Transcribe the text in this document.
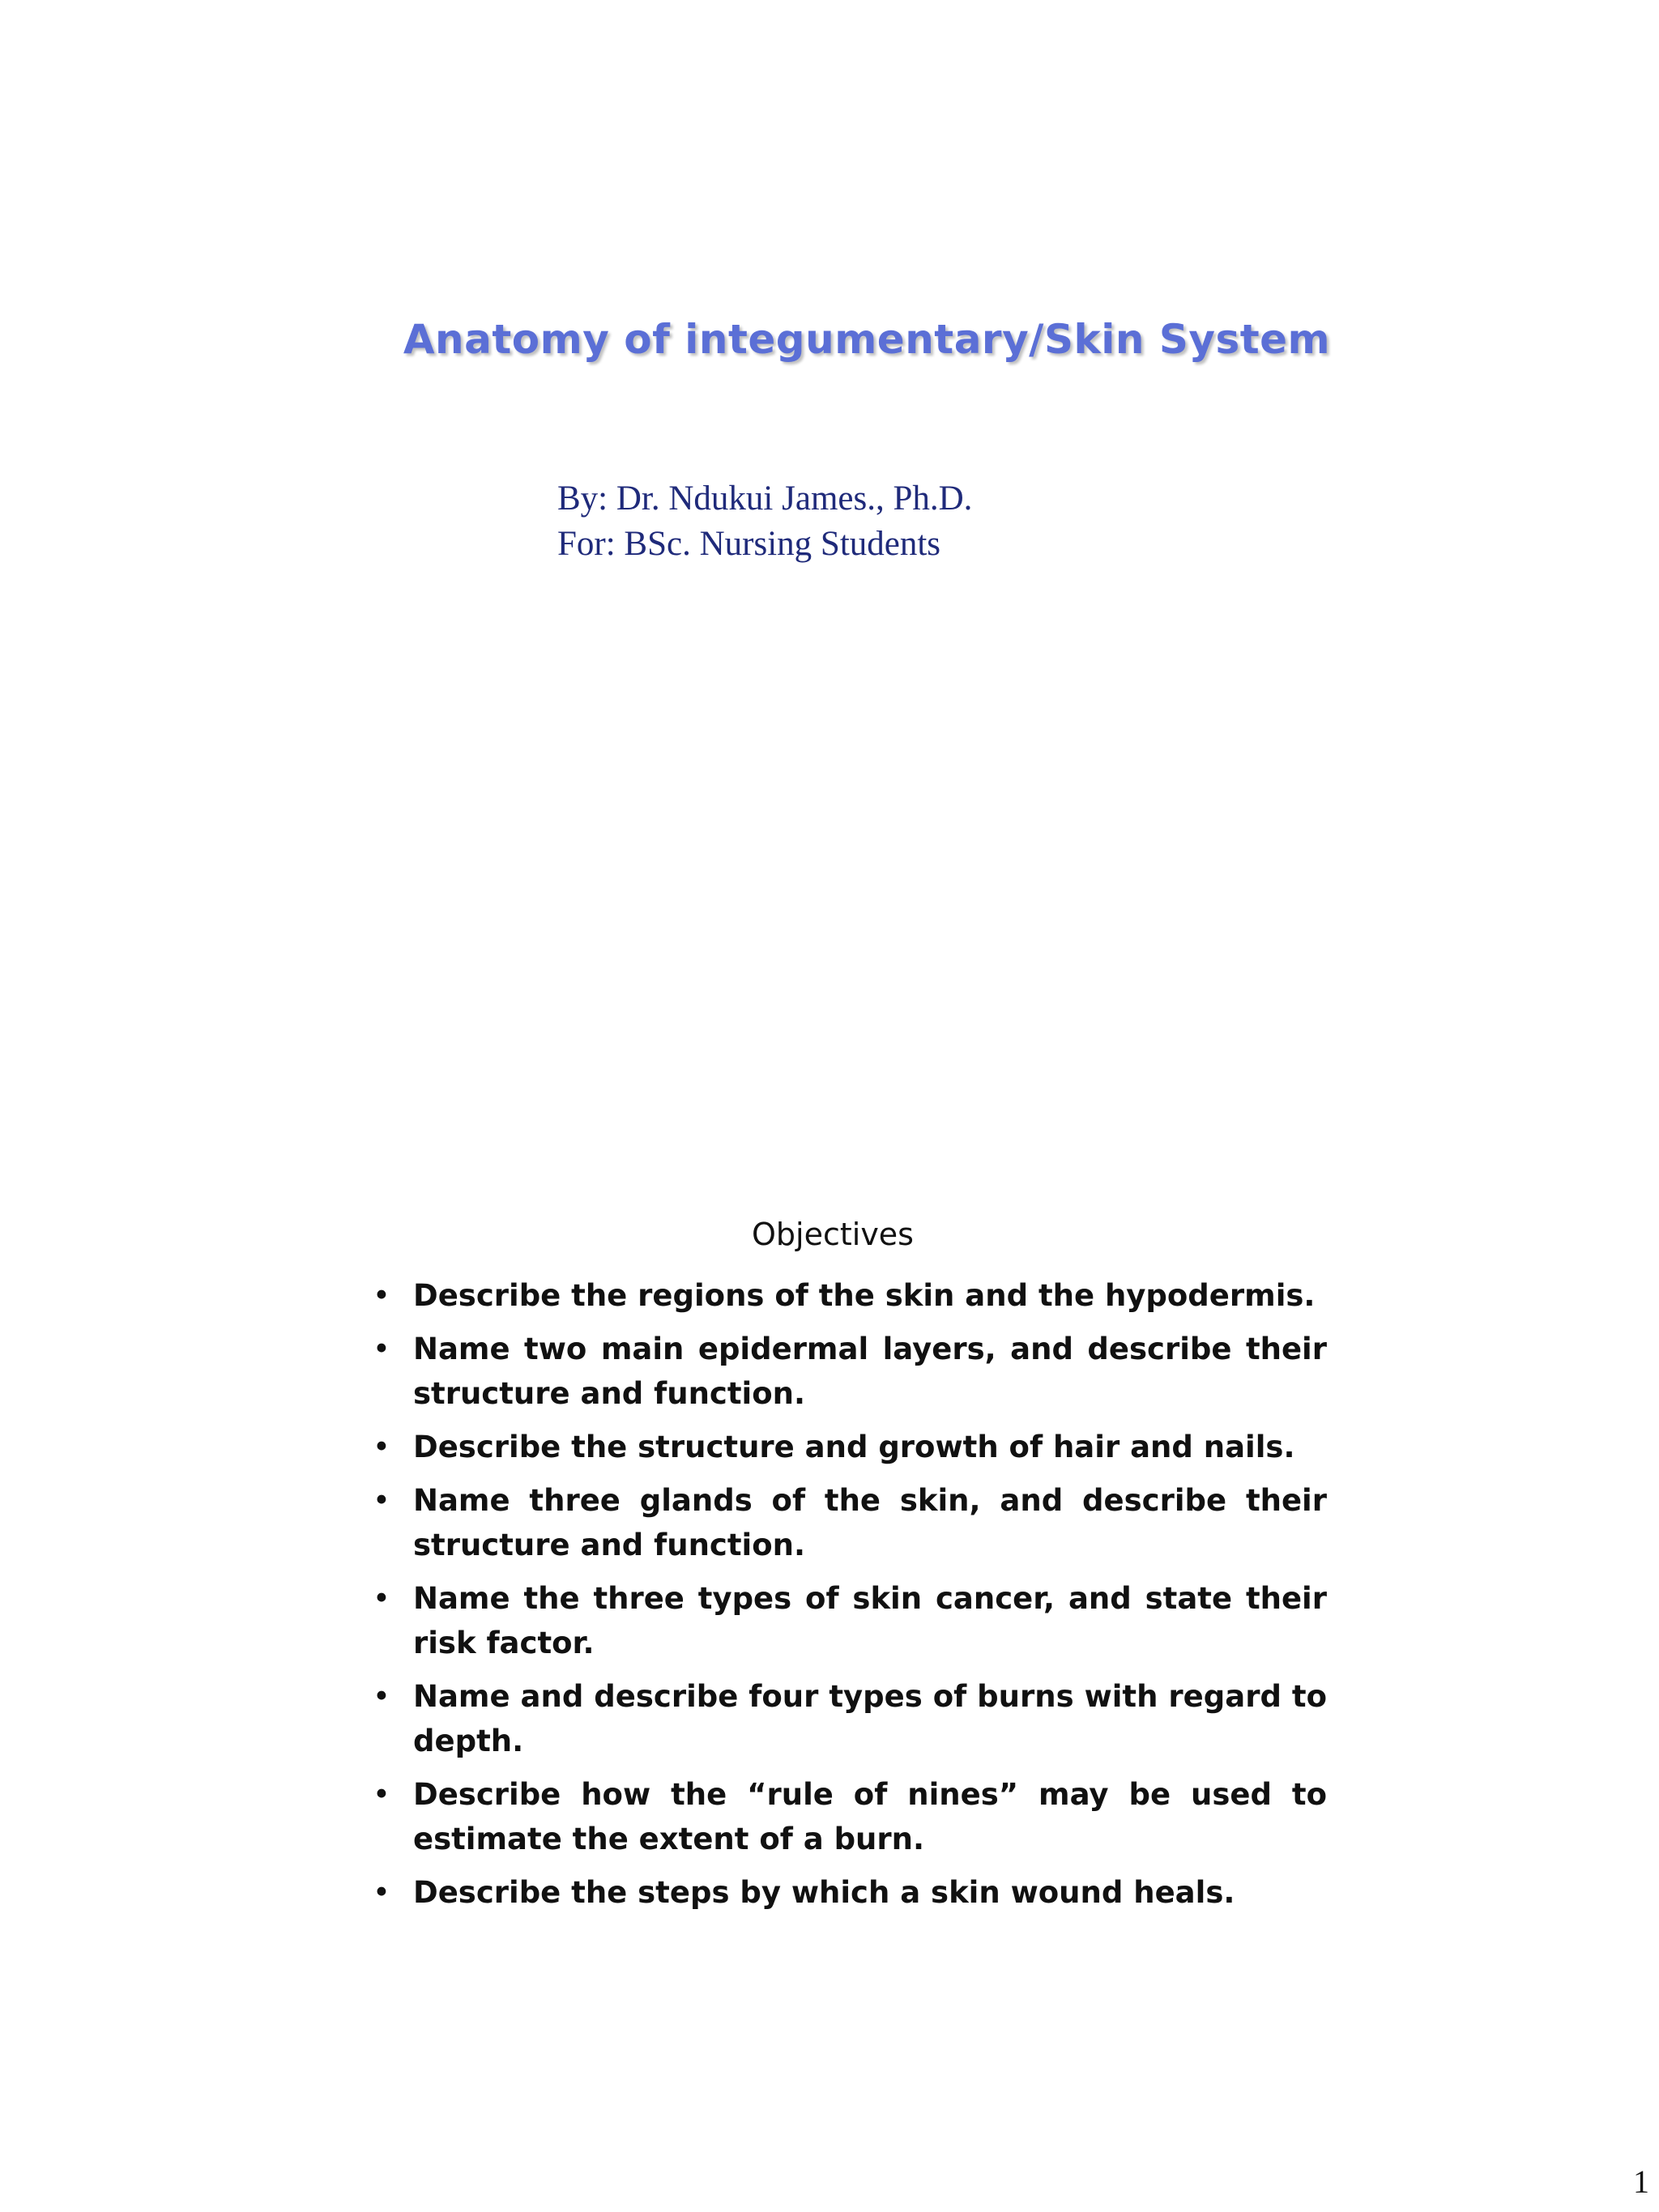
Anatomy of integumentary/Skin System
By: Dr. Ndukui James., Ph.D.
For: BSc. Nursing Students
Objectives
• Describe the regions of the skin and the hypodermis.
• Name two main epidermal layers, and describe their structure and function.
• Describe the structure and growth of hair and nails.
• Name three glands of the skin, and describe their structure and function.
• Name the three types of skin cancer, and state their risk factor.
• Name and describe four types of burns with regard to depth.
• Describe how the “rule of nines” may be used to estimate the extent of a burn.
• Describe the steps by which a skin wound heals.
1
